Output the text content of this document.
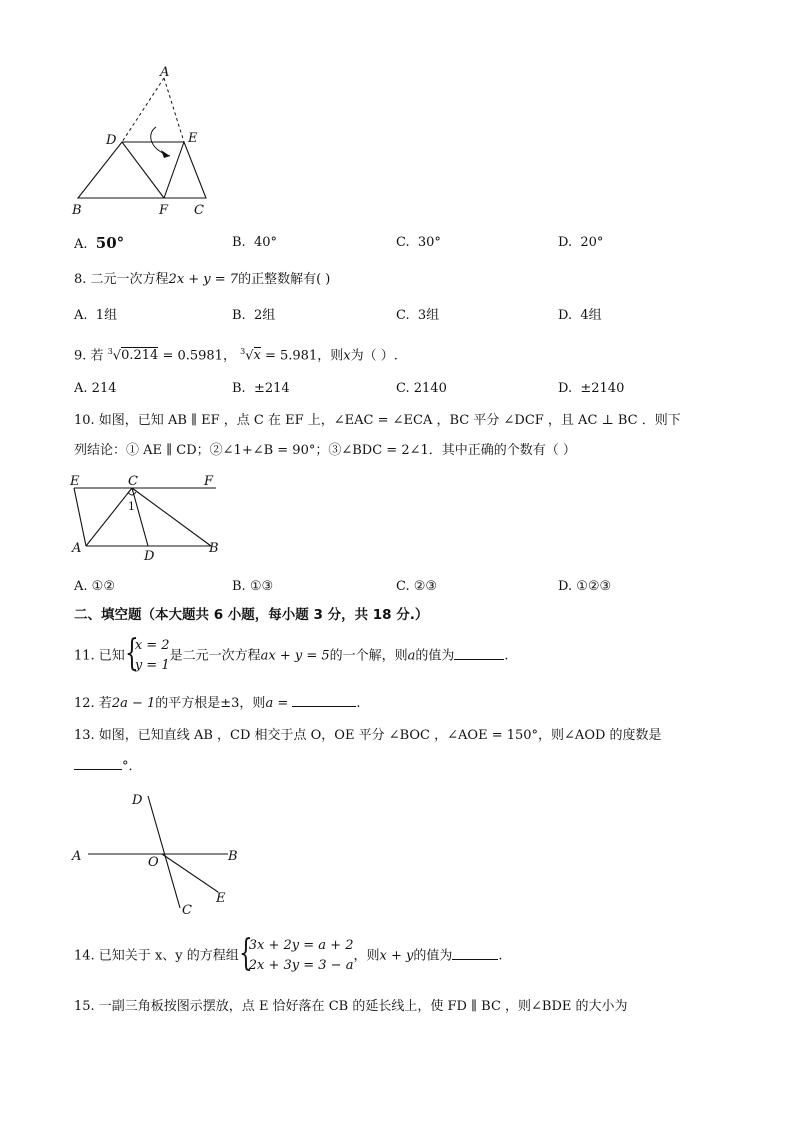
A
D	E
B	F C
A. 50°	B. 40°	C. 30°	D. 20°
8. 二元一次方程2x + y = 7的正整数解有( )
A. 1组	B. 2组	C. 3组	D. 4组
9. 若 $^3$√0.214 = 0.5981， $^3$√x = 5.981，则x为（ ）.
A. 214	B. ±214	C. 2140	D. ±2140
10. 如图，已知 AB ∥ EF ，点 C 在 EF 上，∠EAC = ∠ECA ，BC 平分 ∠DCF ，且 AC ⊥ BC ．则下
列结论：① AE ∥ CD；②∠1+∠B = 90°；③∠BDC = 2∠1．其中正确的个数有（ ）
E	C	F
1
A
D
B
A. ①②	B. ①③	C. ②③	D. ①②③
二、填空题（本大题共 6 小题，每小题 3 分，共 18 分.）
11. 已知 {
x = 2
y = 1
是二元一次方程ax + y = 5的一个解，则a的值为	.
12. 若2a − 1的平方根是±3，则a =	.
13. 如图，已知直线 AB ，CD 相交于点 O，OE 平分 ∠BOC ，∠AOE = 150°，则∠AOD 的度数是
°．
D
A	O	B
E
C
14. 已知关于 x、y 的方程组 {
3x + 2y = a + 2
2x + 3y = 3 − a
，则x + y的值为	.
15. 一副三角板按图示摆放，点 E 恰好落在 CB 的延长线上，使 FD ∥ BC ，则∠BDE 的大小为
